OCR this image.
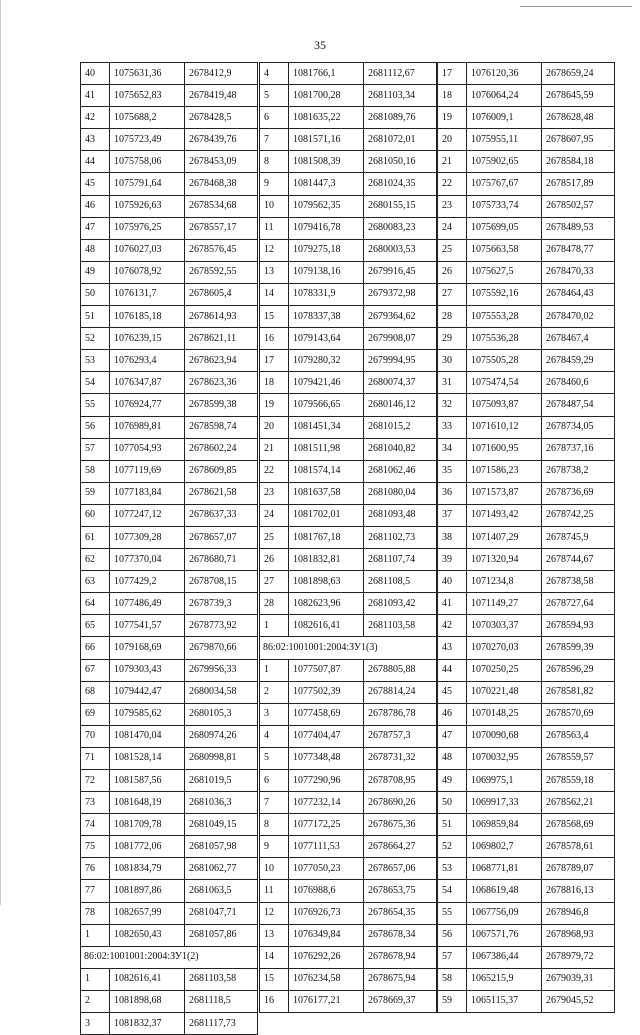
35
40	1075631,36	2678412,9
41	1075652,83	2678419,48
42	1075688,2	2678428,5
43	1075723,49	2678439,76
44	1075758,06	2678453,09
45	1075791,64	2678468,38
46	1075926,63	2678534,68
47	1075976,25	2678557,17
48	1076027,03	2678576,45
49	1076078,92	2678592,55
50	1076131,7	2678605,4
51	1076185,18	2678614,93
52	1076239,15	2678621,11
53	1076293,4	2678623,94
54	1076347,87	2678623,36
55	1076924,77	2678599,38
56	1076989,81	2678598,74
57	1077054,93	2678602,24
58	1077119,69	2678609,85
59	1077183,84	2678621,58
60	1077247,12	2678637,33
61	1077309,28	2678657,07
62	1077370,04	2678680,71
63	1077429,2	2678708,15
64	1077486,49	2678739,3
65	1077541,57	2678773,92
66	1079168,69	2679870,66
67	1079303,43	2679956,33
68	1079442,47	2680034,58
69	1079585,62	2680105,3
70	1081470,04	2680974,26
71	1081528,14	2680998,81
72	1081587,56	2681019,5
73	1081648,19	2681036,3
74	1081709,78	2681049,15
75	1081772,06	2681057,98
76	1081834,79	2681062,77
77	1081897,86	2681063,5
78	1082657,99	2681047,71
1	1082650,43	2681057,86
86:02:1001001:2004:ЗУ1(2)		
1	1082616,41	2681103,58
2	1081898,68	2681118,5
3	1081832,37	2681117,73
4	1081766,1	2681112,67
5	1081700,28	2681103,34
6	1081635,22	2681089,76
7	1081571,16	2681072,01
8	1081508,39	2681050,16
9	1081447,3	2681024,35
10	1079562,35	2680155,15
11	1079416,78	2680083,23
12	1079275,18	2680003,53
13	1079138,16	2679916,45
14	1078331,9	2679372,98
15	1078337,38	2679364,62
16	1079143,64	2679908,07
17	1079280,32	2679994,95
18	1079421,46	2680074,37
19	1079566,65	2680146,12
20	1081451,34	2681015,2
21	1081511,98	2681040,82
22	1081574,14	2681062,46
23	1081637,58	2681080,04
24	1081702,01	2681093,48
25	1081767,18	2681102,73
26	1081832,81	2681107,74
27	1081898,63	2681108,5
28	1082623,96	2681093,42
1	1082616,41	2681103,58
86:02:1001001:2004:ЗУ1(3)		
1	1077507,87	2678805,88
2	1077502,39	2678814,24
3	1077458,69	2678786,78
4	1077404,47	2678757,3
5	1077348,48	2678731,32
6	1077290,96	2678708,95
7	1077232,14	2678690,26
8	1077172,25	2678675,36
9	1077111,53	2678664,27
10	1077050,23	2678657,06
11	1076988,6	2678653,75
12	1076926,73	2678654,35
13	1076349,84	2678678,34
14	1076292,26	2678678,94
15	1076234,58	2678675,94
16	1076177,21	2678669,37
17	1076120,36	2678659,24
18	1076064,24	2678645,59
19	1076009,1	2678628,48
20	1075955,11	2678607,95
21	1075902,65	2678584,18
22	1075767,67	2678517,89
23	1075733,74	2678502,57
24	1075699,05	2678489,53
25	1075663,58	2678478,77
26	1075627,5	2678470,33
27	1075592,16	2678464,43
28	1075553,28	2678470,02
29	1075536,28	2678467,4
30	1075505,28	2678459,29
31	1075474,54	2678460,6
32	1075093,87	2678487,54
33	1071610,12	2678734,05
34	1071600,95	2678737,16
35	1071586,23	2678738,2
36	1071573,87	2678736,69
37	1071493,42	2678742,25
38	1071407,29	2678745,9
39	1071320,94	2678744,67
40	1071234,8	2678738,58
41	1071149,27	2678727,64
42	1070303,37	2678594,93
43	1070270,03	2678599,39
44	1070250,25	2678596,29
45	1070221,48	2678581,82
46	1070148,25	2678570,69
47	1070090,68	2678563,4
48	1070032,95	2678559,57
49	1069975,1	2678559,18
50	1069917,33	2678562,21
51	1069859,84	2678568,69
52	1069802,7	2678578,61
53	1068771,81	2678789,07
54	1068619,48	2678816,13
55	1067756,09	2678946,8
56	1067571,76	2678968,93
57	1067386,44	2678979,72
58	1065215,9	2679039,31
59	1065115,37	2679045,52
